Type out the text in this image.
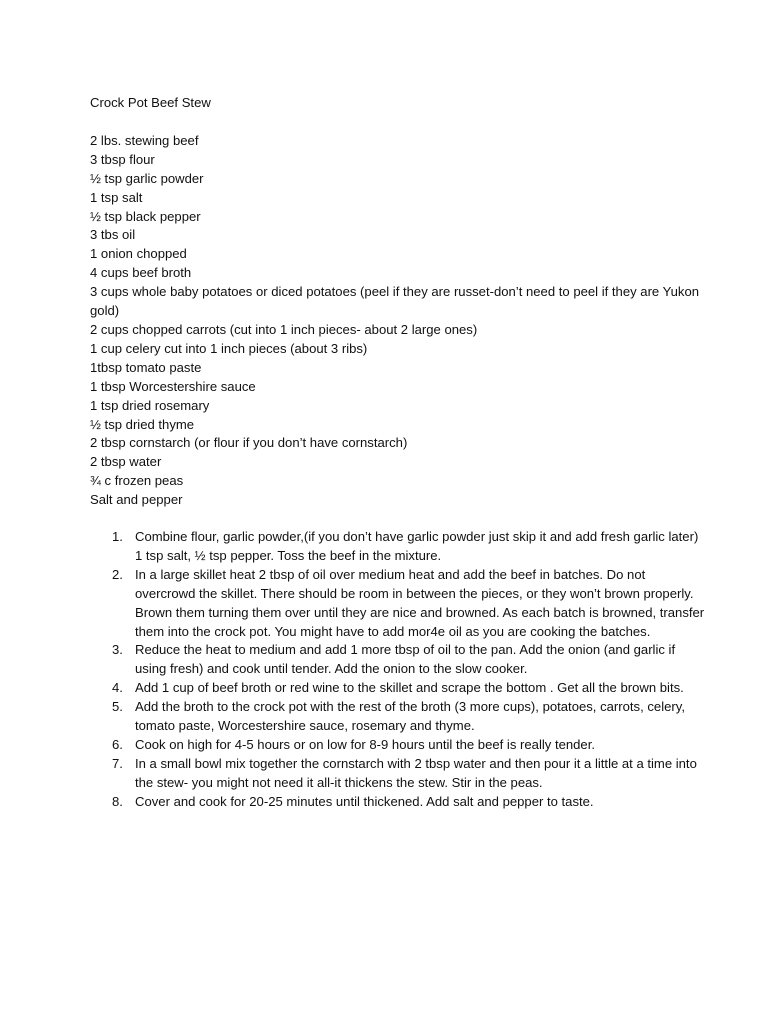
Crock Pot Beef Stew
2 lbs. stewing beef
3 tbsp flour
½ tsp garlic powder
1 tsp salt
½ tsp black pepper
3 tbs oil
1 onion chopped
4 cups beef broth
3 cups whole baby potatoes or diced potatoes (peel if they are russet-don’t need to peel if they are Yukon gold)
2 cups chopped carrots (cut into 1 inch pieces- about 2 large ones)
1 cup celery cut into 1 inch pieces (about 3 ribs)
1tbsp tomato paste
1 tbsp Worcestershire sauce
1 tsp dried rosemary
½ tsp dried thyme
2 tbsp cornstarch (or flour if you don’t have cornstarch)
2 tbsp water
¾ c frozen peas
Salt and pepper
Combine flour, garlic powder,(if you don’t have garlic powder just skip it and add fresh garlic later) 1 tsp salt, ½ tsp pepper. Toss the beef in the mixture.
In a large skillet heat 2 tbsp of oil over medium heat and add the beef in batches. Do not overcrowd the skillet. There should be room in between the pieces, or they won’t brown properly. Brown them turning them over until they are nice and browned. As each batch is browned, transfer them into the crock pot. You might have to add mor4e oil as you are cooking the batches.
Reduce the heat to medium and add 1 more tbsp of oil to the pan. Add the onion (and garlic if using fresh) and cook until tender. Add the onion to the slow cooker.
Add 1 cup of beef broth or red wine to the skillet and scrape the bottom . Get all the brown bits.
Add the broth to the crock pot with the rest of the broth (3 more cups), potatoes, carrots, celery, tomato paste, Worcestershire sauce, rosemary and thyme.
Cook on high for 4-5 hours or on low for 8-9 hours until the beef is really tender.
In a small bowl mix together the cornstarch with 2 tbsp water and then pour it a little at a time into the stew- you might not need it all-it thickens the stew. Stir in the peas.
Cover and cook for 20-25 minutes until thickened. Add salt and pepper to taste.
